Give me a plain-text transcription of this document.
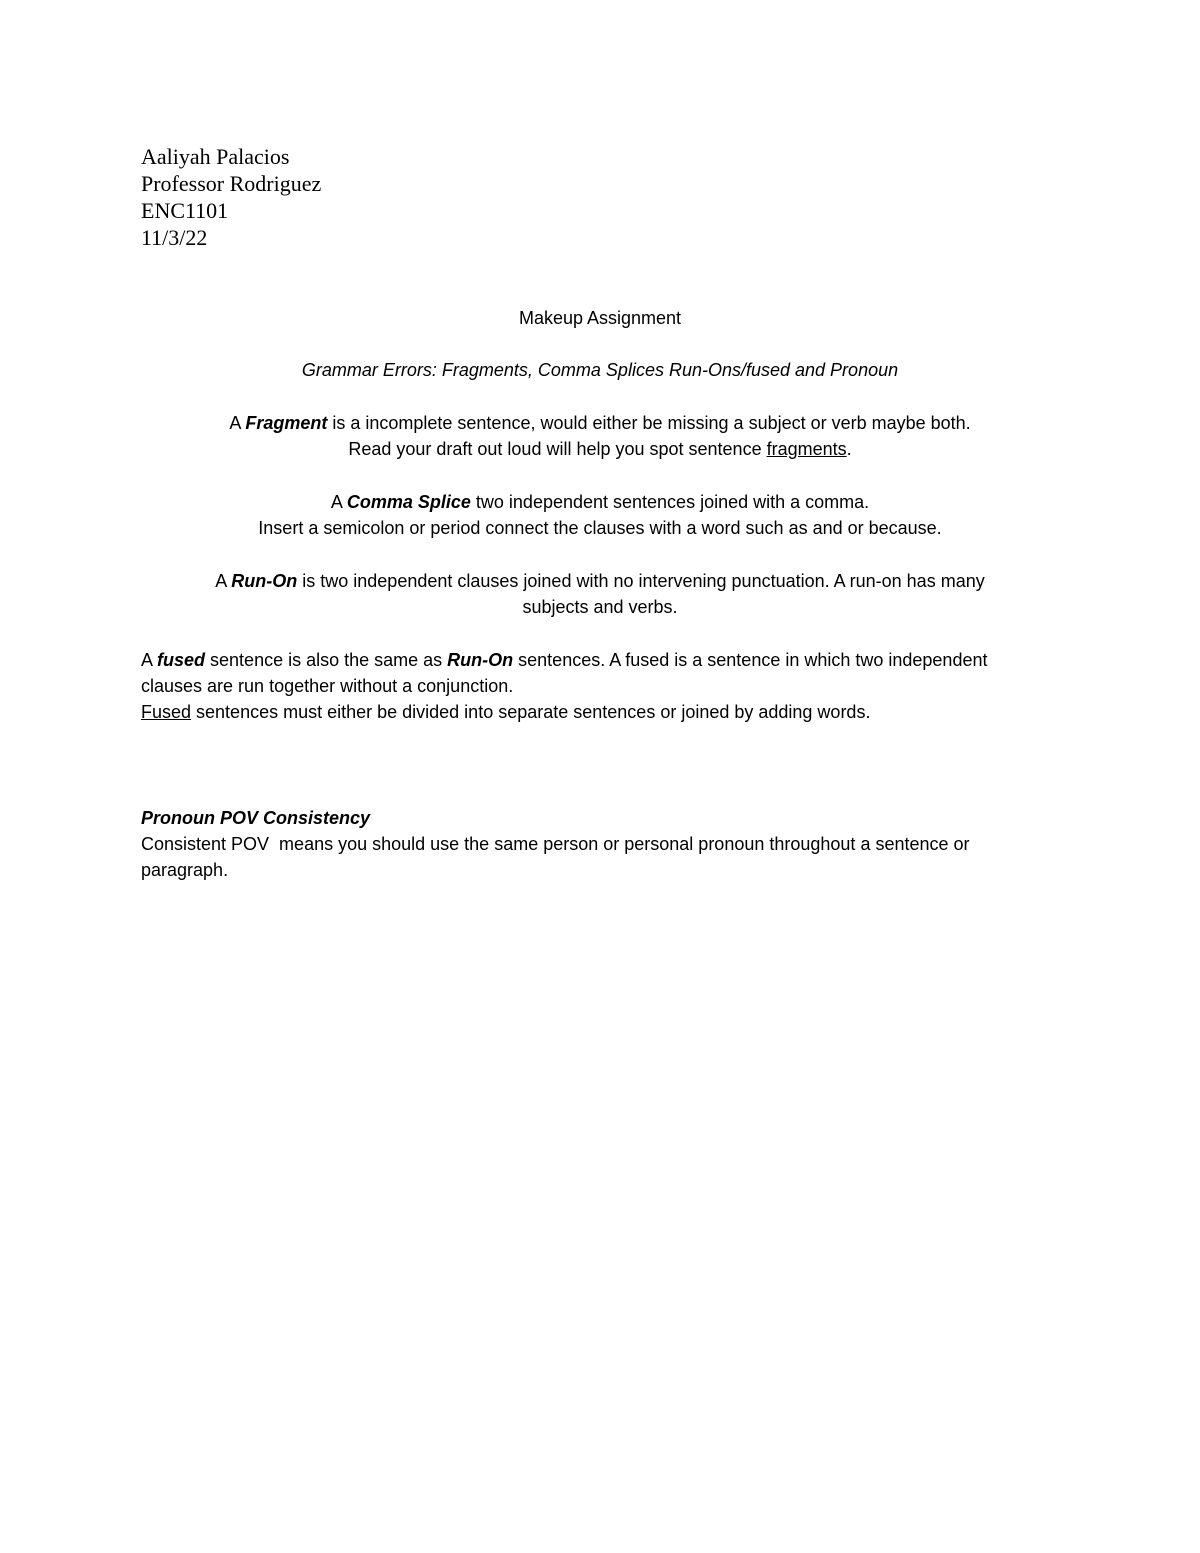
Aaliyah Palacios
Professor Rodriguez
ENC1101
11/3/22
Makeup Assignment
Grammar Errors: Fragments, Comma Splices Run-Ons/fused and Pronoun
A Fragment is a incomplete sentence, would either be missing a subject or verb maybe both.
Read your draft out loud will help you spot sentence fragments.
A Comma Splice two independent sentences joined with a comma.
Insert a semicolon or period connect the clauses with a word such as and or because.
A Run-On is two independent clauses joined with no intervening punctuation. A run-on has many
subjects and verbs.
A fused sentence is also the same as Run-On sentences. A fused is a sentence in which two independent
clauses are run together without a conjunction.
Fused sentences must either be divided into separate sentences or joined by adding words.
Pronoun POV Consistency
Consistent POV  means you should use the same person or personal pronoun throughout a sentence or
paragraph.
